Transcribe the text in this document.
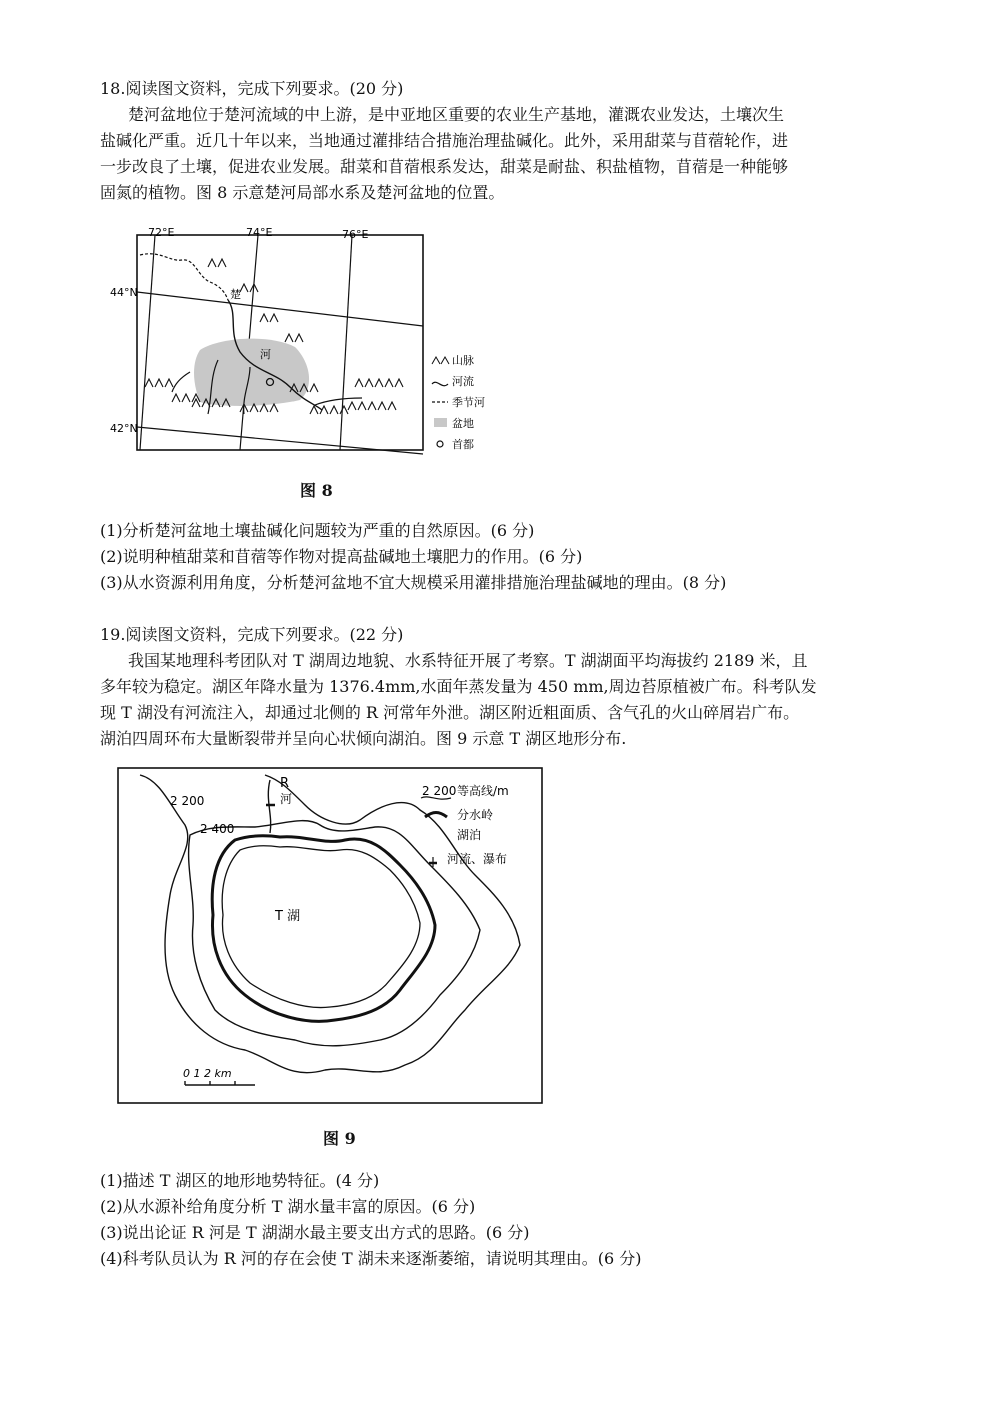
18.阅读图文资料，完成下列要求。(20 分)
楚河盆地位于楚河流域的中上游，是中亚地区重要的农业生产基地，灌溉农业发达，土壤次生
盐碱化严重。近几十年以来，当地通过灌排结合措施治理盐碱化。此外，采用甜菜与苜蓿轮作，进
一步改良了土壤，促进农业发展。甜菜和苜蓿根系发达，甜菜是耐盐、积盐植物，苜蓿是一种能够
固氮的植物。图 8 示意楚河局部水系及楚河盆地的位置。
72°E	74°E	76°E
44°N
42°N
楚
河	山脉
河流
季节河
盆地
首都
图 8
(1)分析楚河盆地土壤盐碱化问题较为严重的自然原因。(6 分)
(2)说明种植甜菜和苜蓿等作物对提高盐碱地土壤肥力的作用。(6 分)
(3)从水资源利用角度，分析楚河盆地不宜大规模采用灌排措施治理盐碱地的理由。(8 分)
19.阅读图文资料，完成下列要求。(22 分)
我国某地理科考团队对 T 湖周边地貌、水系特征开展了考察。T 湖湖面平均海拔约 2189 米，且
多年较为稳定。湖区年降水量为 1376.4mm,水面年蒸发量为 450 mm,周边苔原植被广布。科考队发
现 T 湖没有河流注入，却通过北侧的 R 河常年外泄。湖区附近粗面质、含气孔的火山碎屑岩广布。
湖泊四周环布大量断裂带并呈向心状倾向湖泊。图 9 示意 T 湖区地形分布.
R
河
2 200
2 400
T 湖
0 1 2 km
2 200 等高线/m
分水岭
湖泊
河流、瀑布
图 9
(1)描述 T 湖区的地形地势特征。(4 分)
(2)从水源补给角度分析 T 湖水量丰富的原因。(6 分)
(3)说出论证 R 河是 T 湖湖水最主要支出方式的思路。(6 分)
(4)科考队员认为 R 河的存在会使 T 湖未来逐渐萎缩，请说明其理由。(6 分)
